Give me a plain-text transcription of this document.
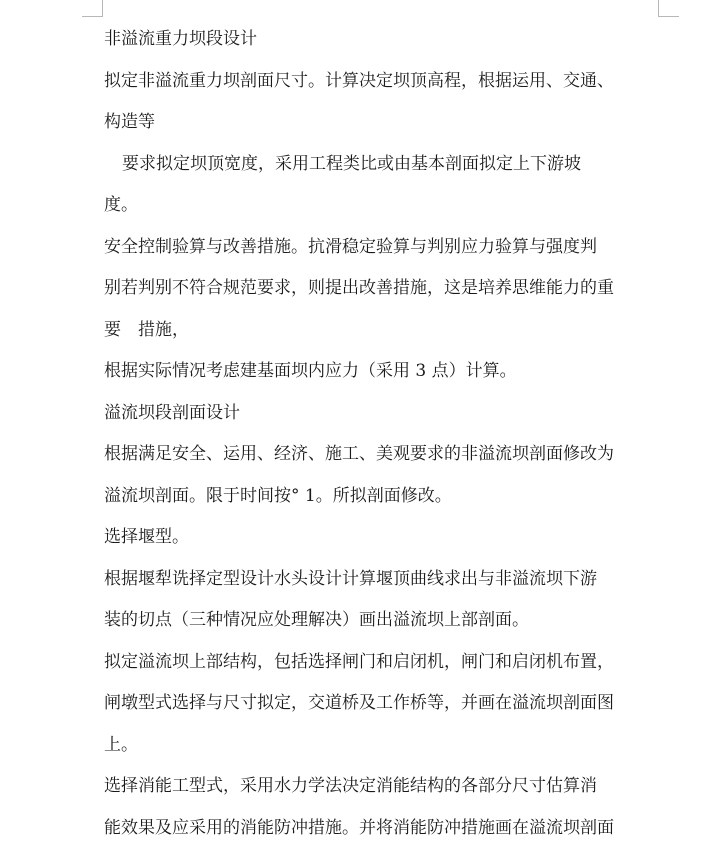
非溢流重力坝段设计
拟定非溢流重力坝剖面尺寸。计算决定坝顶高程，根据运用、交通、
构造等
要求拟定坝顶宽度，采用工程类比或由基本剖面拟定上下游坡
度。
安全控制验算与改善措施。抗滑稳定验算与判别应力验算与强度判
别若判别不符合规范要求，则提出改善措施，这是培养思维能力的重
要　措施，
根据实际情况考虑建基面坝内应力（采用 3 点）计算。
溢流坝段剖面设计
根据满足安全、运用、经济、施工、美观要求的非溢流坝剖面修改为
溢流坝剖面。限于时间按° 1。所拟剖面修改。
选择堰型。
根据堰犁诜择定型设计水头设计计算堰顶曲线求出与非溢流坝下游
装的切点（三种情况应处理解决）画出溢流坝上部剖面。
拟定溢流坝上部结构，包括选择闸门和启闭机，闸门和启闭机布置，
闸墩型式选择与尺寸拟定，交道桥及工作桥等，并画在溢流坝剖面图
上。
选择消能工型式，采用水力学法决定消能结构的各部分尺寸估算消
能效果及应采用的消能防冲措施。并将消能防冲措施画在溢流坝剖面
